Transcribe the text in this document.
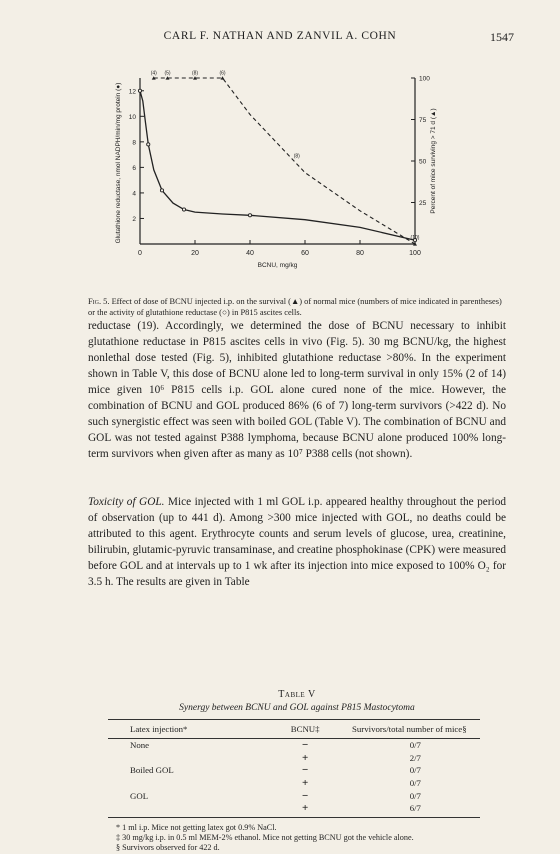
CARL F. NATHAN AND ZANVIL A. COHN	1547
0	20	40	60	80	100
BCNU, mg/kg
2
4
6
8
10
12
25
50
75
100
Glutathione reductase, nmol NADPH/min/mg protein (●)	Percent of mice surviving > 71 d (▲)
(4) (5)	(8)	(6)
(8)
(10)
Fig. 5. Effect of dose of BCNU injected i.p. on the survival (▲) of normal mice (numbers of mice indicated in parentheses) or the activity of glutathione reductase (○) in P815 ascites cells.
reductase (19). Accordingly, we determined the dose of BCNU necessary to inhibit glutathione reductase in P815 ascites cells in vivo (Fig. 5). 30 mg BCNU/kg, the highest nonlethal dose tested (Fig. 5), inhibited glutathione reductase >80%. In the experiment shown in Table V, this dose of BCNU alone led to long-term survival in only 15% (2 of 14) mice given 10⁶ P815 cells i.p. GOL alone cured none of the mice. However, the combination of BCNU and GOL produced 86% (6 of 7) long-term survivors (>422 d). No such synergistic effect was seen with boiled GOL (Table V). The combination of BCNU and GOL was not tested against P388 lymphoma, because BCNU alone produced 100% long-term survivors when given after as many as 10⁷ P388 cells (not shown).
Toxicity of GOL. Mice injected with 1 ml GOL i.p. appeared healthy throughout the period of observation (up to 441 d). Among >300 mice injected with GOL, no deaths could be attributed to this agent. Erythrocyte counts and serum levels of glucose, urea, creatinine, bilirubin, glutamic-pyruvic transaminase, and creatine phosphokinase (CPK) were measured before GOL and at intervals up to 1 wk after its injection into mice exposed to 100% O₂ for 3.5 h. The results are given in Table
Table V
Synergy between BCNU and GOL against P815 Mastocytoma
Latex injection*	BCNU‡	Survivors/total number of mice§
None	−	0/7
	+	2/7
Boiled GOL	−	0/7
	+	0/7
GOL	−	0/7
	+	6/7
* 1 ml i.p. Mice not getting latex got 0.9% NaCl.
‡ 30 mg/kg i.p. in 0.5 ml MEM-2% ethanol. Mice not getting BCNU got the vehicle alone.
§ Survivors observed for 422 d.
